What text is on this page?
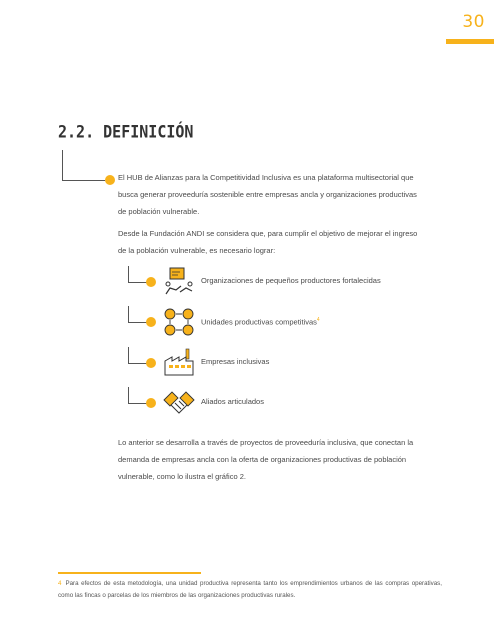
30
2.2. DEFINICIÓN

El HUB de Alianzas para la Competitividad Inclusiva es una plataforma multisectorial que
busca generar proveeduría sostenible entre empresas ancla y organizaciones productivas
de población vulnerable.

Desde la Fundación ANDI se considera que, para cumplir el objetivo de mejorar el ingreso
de la población vulnerable, es necesario lograr:

Organizaciones de pequeños productores fortalecidas
Unidades productivas competitivas$^4$
Empresas inclusivas
Aliados articulados

Lo anterior se desarrolla a través de proyectos de proveeduría inclusiva, que conectan la
demanda de empresas ancla con la oferta de organizaciones productivas de población
vulnerable, como lo ilustra el gráfico 2.

4 Para efectos de esta metodología, una unidad productiva representa tanto los emprendimientos urbanos de las compras operativas, como las fincas o parcelas de los miembros de las organizaciones productivas rurales.
